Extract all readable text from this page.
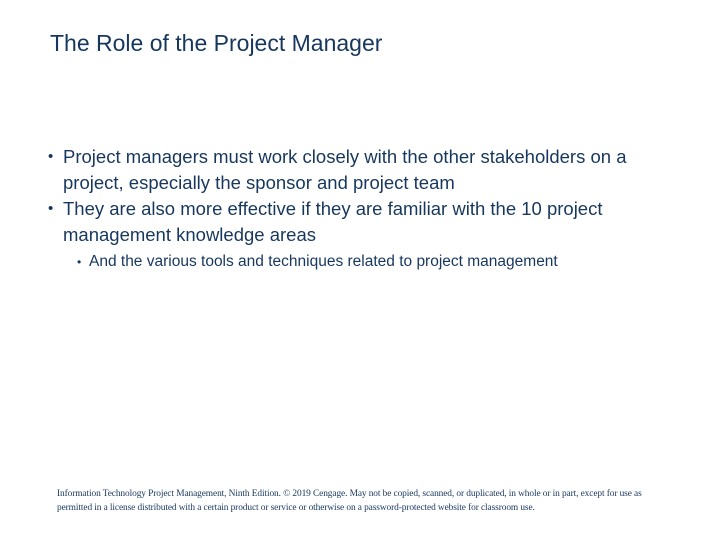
The Role of the Project Manager
• Project managers must work closely with the other stakeholders on a project, especially the sponsor and project team
• They are also more effective if they are familiar with the 10 project management knowledge areas
• And the various tools and techniques related to project management
Information Technology Project Management, Ninth Edition. © 2019 Cengage. May not be copied, scanned, or duplicated, in whole or in part, except for use as permitted in a license distributed with a certain product or service or otherwise on a password-protected website for classroom use.
